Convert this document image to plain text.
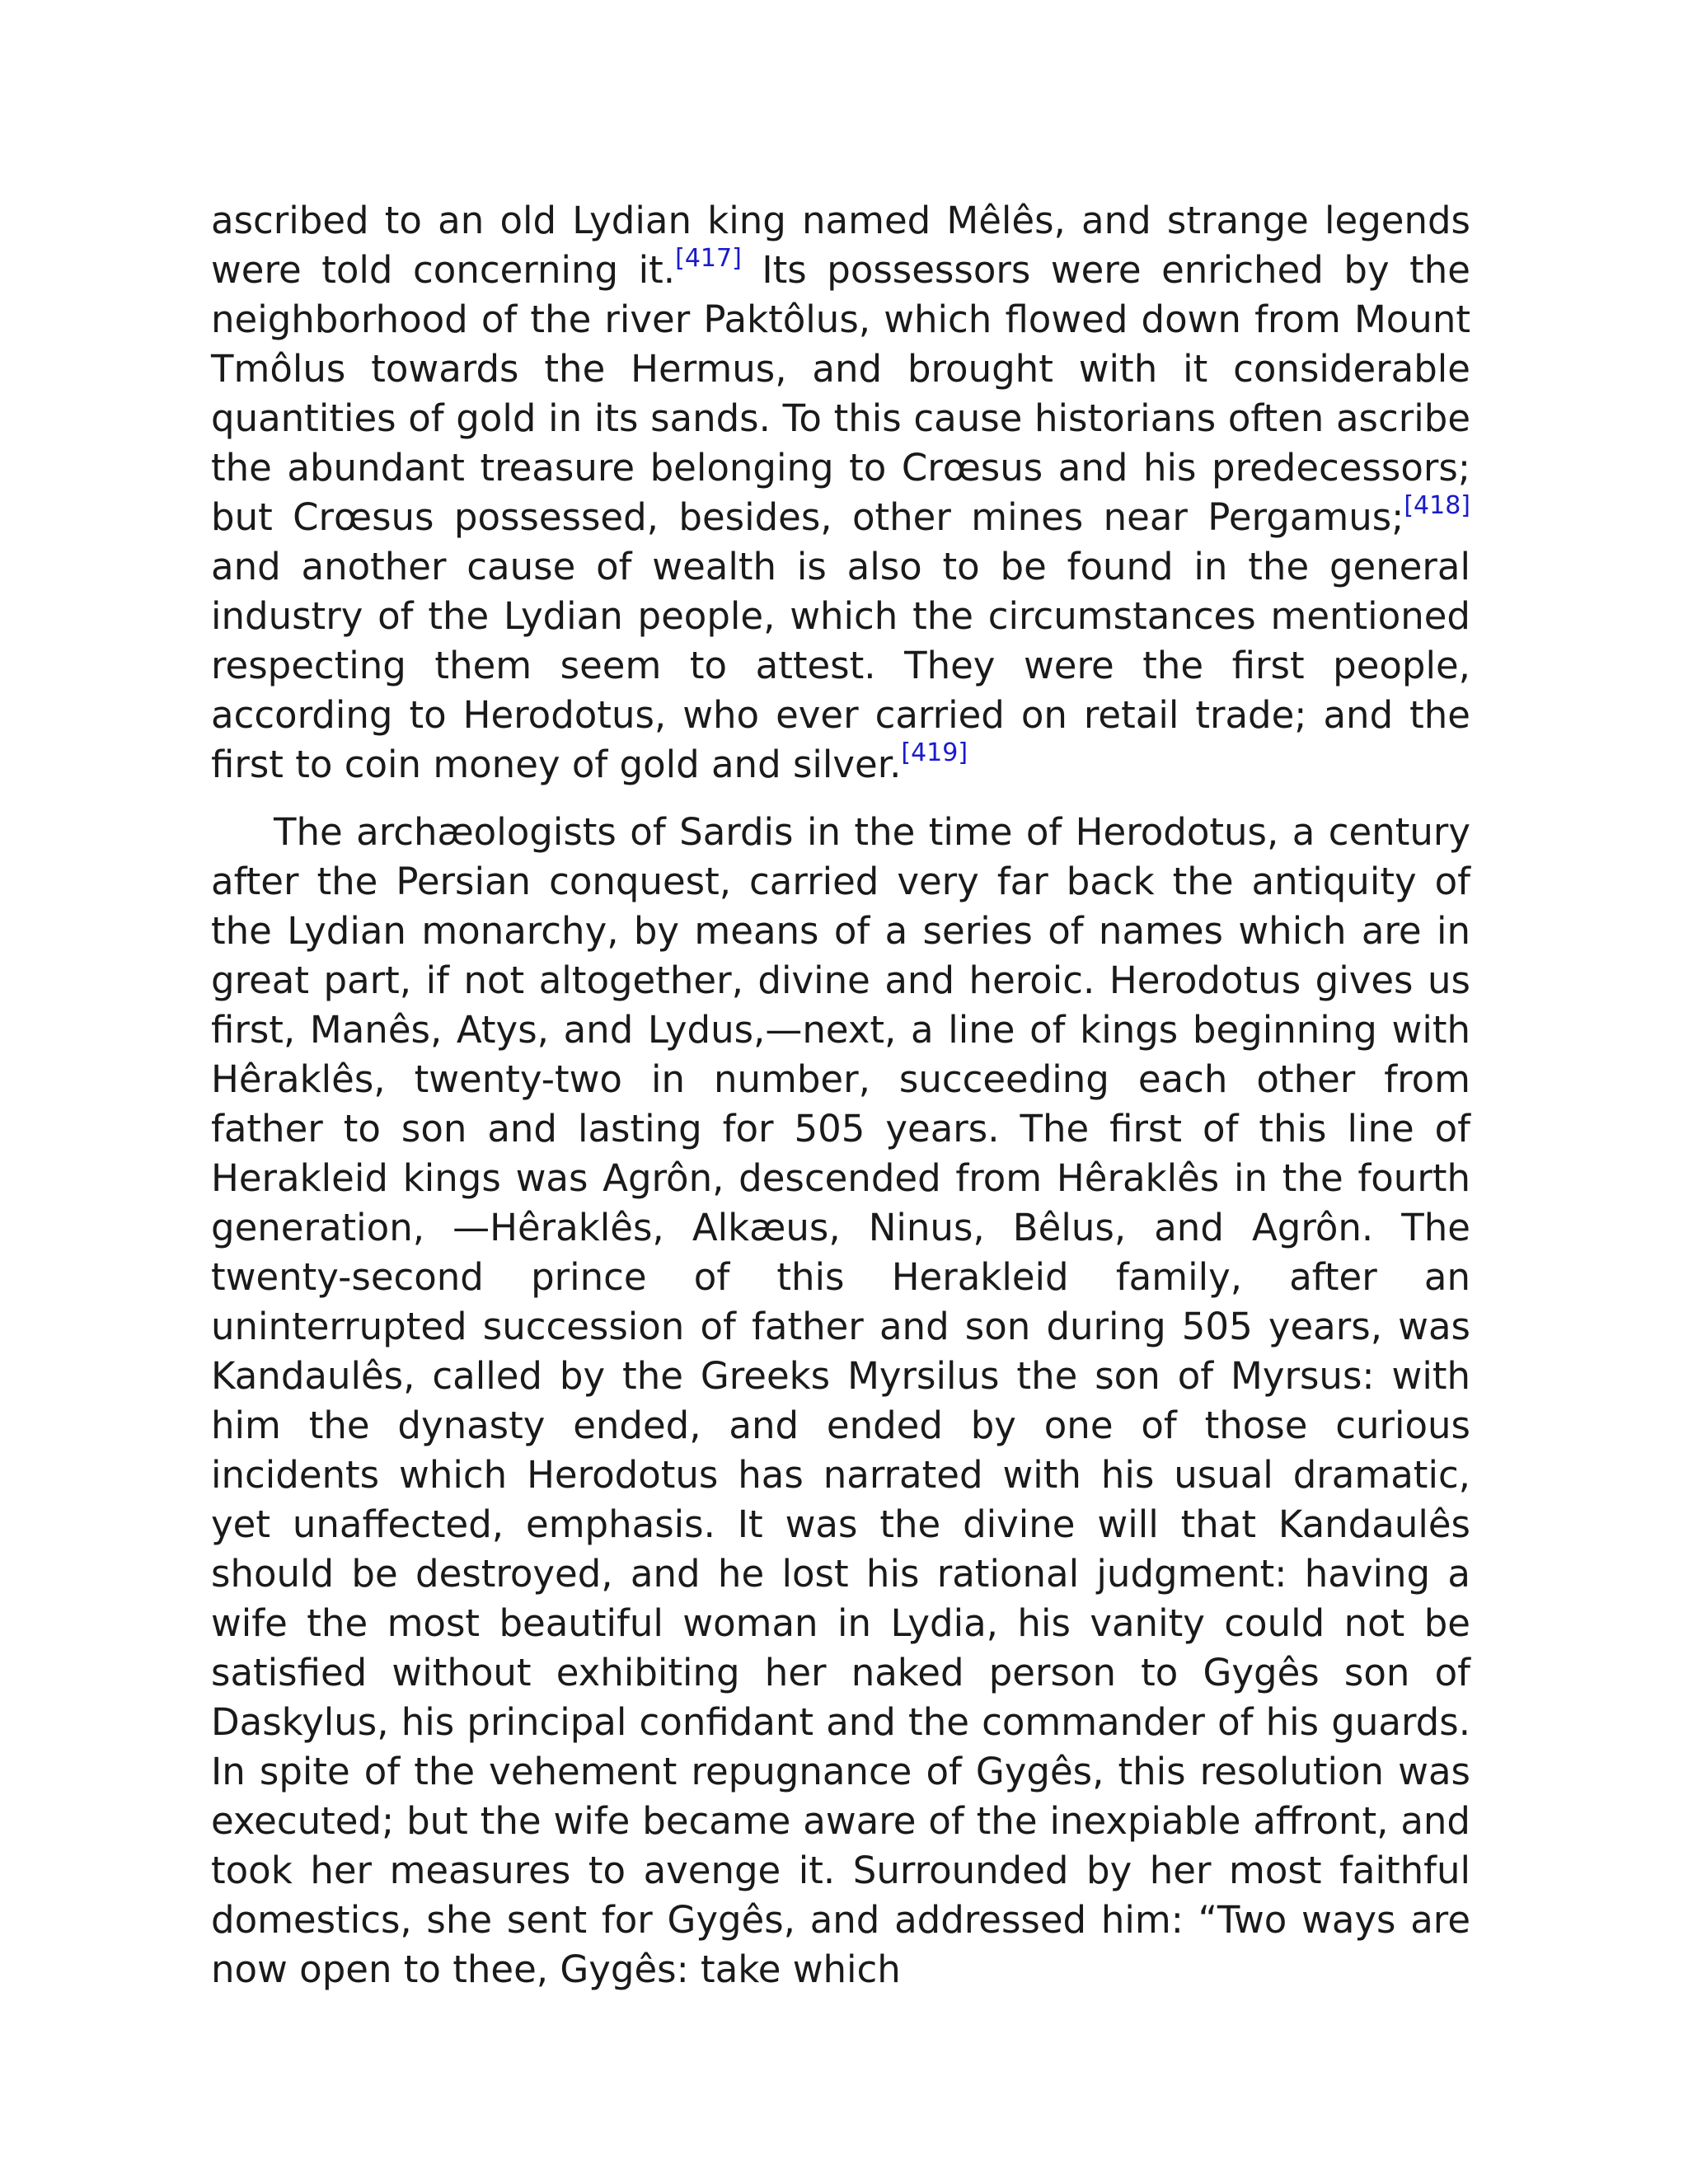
ascribed to an old Lydian king named Mêlês, and strange legends were told concerning it.[417] Its possessors were enriched by the neighborhood of the river Paktôlus, which flowed down from Mount Tmôlus towards the Hermus, and brought with it considerable quantities of gold in its sands. To this cause historians often ascribe the abundant treasure belonging to Crœsus and his predecessors; but Crœsus possessed, besides, other mines near Pergamus;[418] and another cause of wealth is also to be found in the general industry of the Lydian people, which the circumstances mentioned respecting them seem to attest. They were the first people, according to Herodotus, who ever carried on retail trade; and the first to coin money of gold and silver.[419]

The archæologists of Sardis in the time of Herodotus, a century after the Persian conquest, carried very far back the antiquity of the Lydian monarchy, by means of a series of names which are in great part, if not altogether, divine and heroic. Herodotus gives us first, Manês, Atys, and Lydus,—next, a line of kings beginning with Hêraklês, twenty-two in number, succeeding each other from father to son and lasting for 505 years. The first of this line of Herakleid kings was Agrôn, descended from Hêraklês in the fourth generation, —Hêraklês, Alkæus, Ninus, Bêlus, and Agrôn. The twenty-second prince of this Herakleid family, after an uninterrupted succession of father and son during 505 years, was Kandaulês, called by the Greeks Myrsilus the son of Myrsus: with him the dynasty ended, and ended by one of those curious incidents which Herodotus has narrated with his usual dramatic, yet unaffected, emphasis. It was the divine will that Kandaulês should be destroyed, and he lost his rational judgment: having a wife the most beautiful woman in Lydia, his vanity could not be satisfied without exhibiting her naked person to Gygês son of Daskylus, his principal confidant and the commander of his guards. In spite of the vehement repugnance of Gygês, this resolution was executed; but the wife became aware of the inexpiable affront, and took her measures to avenge it. Surrounded by her most faithful domestics, she sent for Gygês, and addressed him: “Two ways are now open to thee, Gygês: take which
